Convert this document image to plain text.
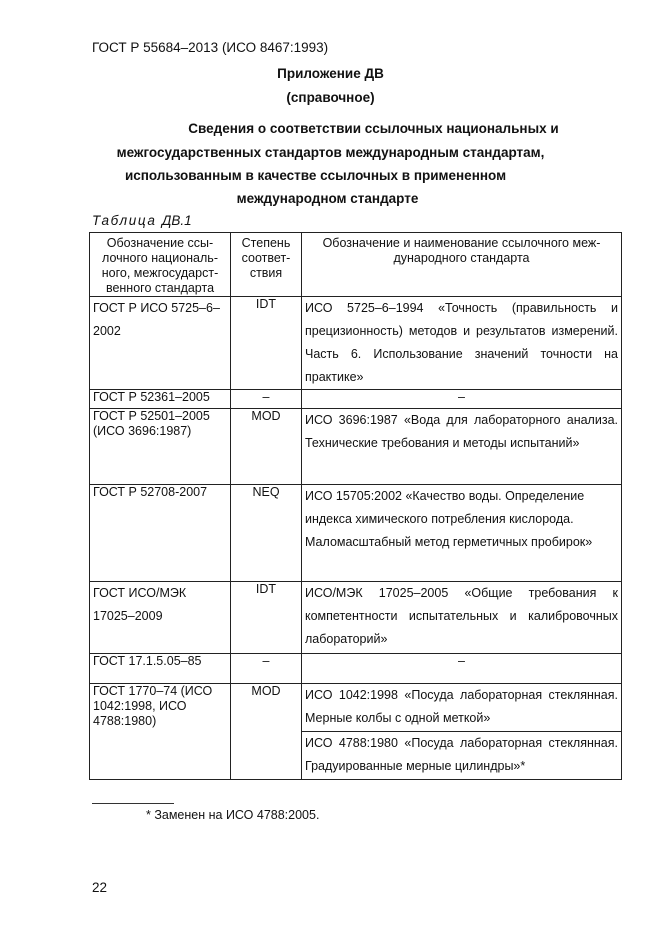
ГОСТ Р 55684–2013 (ИСО 8467:1993)
Приложение ДВ
(справочное)
Сведения о соответствии ссылочных национальных и
межгосударственных стандартов международным стандартам,
использованным в качестве ссылочных в примененном
международном стандарте
Таблица ДВ.1
Обозначение ссы-лочного националь-ного, межгосударст-венного стандарта	Степень соответ-ствия	Обозначение и наименование ссылочного меж-дународного стандарта
ГОСТ Р ИСО 5725–6–2002	IDT	ИСО 5725–6–1994 «Точность (правильность и прецизионность) методов и результатов измерений. Часть 6. Использование значений точности на практике»
ГОСТ Р 52361–2005	–	–
ГОСТ Р 52501–2005 (ИСО 3696:1987)	MOD	ИСО 3696:1987 «Вода для лабораторного анализа. Технические требования и методы испытаний»
ГОСТ Р 52708-2007	NEQ	ИСО 15705:2002 «Качество воды. Определение индекса химического потребления кислорода. Маломасштабный метод герметичных пробирок»
ГОСТ ИСО/МЭК 17025–2009	IDT	ИСО/МЭК 17025–2005 «Общие требования к компетентности испытательных и калибровочных лабораторий»
ГОСТ 17.1.5.05–85	–	–
ГОСТ 1770–74 (ИСО 1042:1998, ИСО 4788:1980)	MOD	ИСО 1042:1998 «Посуда лабораторная стеклянная. Мерные колбы с одной меткой»
		ИСО 4788:1980 «Посуда лабораторная стеклянная. Градуированные мерные цилиндры»*
* Заменен на ИСО 4788:2005.
22
